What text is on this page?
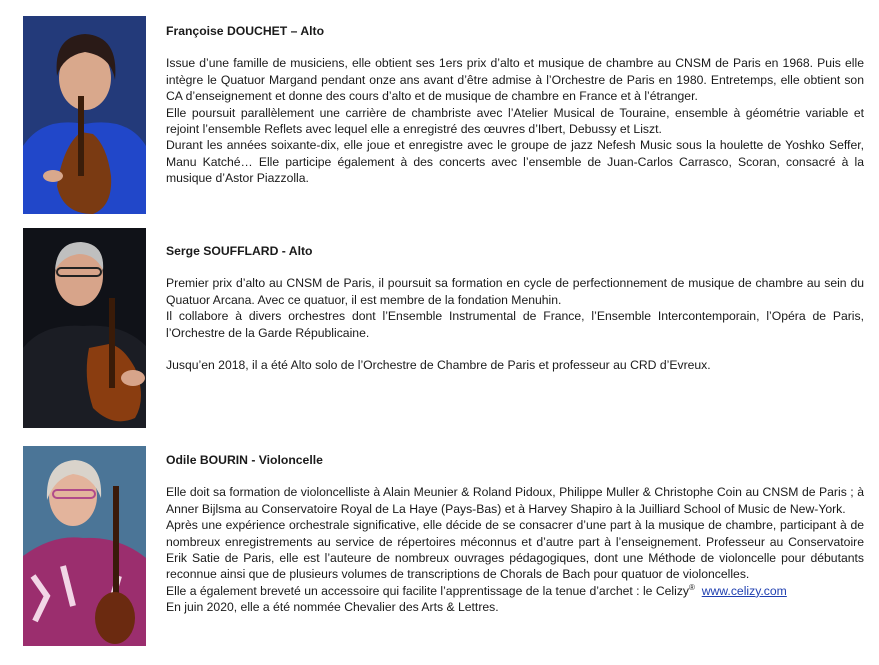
Françoise DOUCHET – Alto

Issue d’une famille de musiciens, elle obtient ses 1ers prix d’alto et musique de chambre au CNSM de Paris en 1968. Puis elle intègre le Quatuor Margand pendant onze ans avant d’être admise à l’Orchestre de Paris en 1980. Entretemps, elle obtient son CA d’enseignement et donne des cours d’alto et de musique de chambre en France et à l’étranger.

Elle poursuit parallèlement une carrière de chambriste avec l’Atelier Musical de Touraine, ensemble à géométrie variable et rejoint l’ensemble Reflets avec lequel elle a enregistré des œuvres d’Ibert, Debussy et Liszt.

Durant les années soixante-dix, elle joue et enregistre avec le groupe de jazz Nefesh Music sous la houlette de Yoshko Seffer, Manu Katché… Elle participe également à des concerts avec l’ensemble de Juan-Carlos Carrasco, Scoran, consacré à la musique d’Astor Piazzolla.

Serge SOUFFLARD - Alto

Premier prix d’alto au CNSM de Paris, il poursuit sa formation en cycle de perfectionnement de musique de chambre au sein du Quatuor Arcana. Avec ce quatuor, il est membre de la fondation Menuhin.

Il collabore à divers orchestres dont l’Ensemble Instrumental de France, l’Ensemble Intercontemporain, l’Opéra de Paris, l’Orchestre de la Garde Républicaine.

Jusqu’en 2018, il a été Alto solo de l’Orchestre de Chambre de Paris et professeur au CRD d’Evreux.

Odile BOURIN - Violoncelle

Elle doit sa formation de violoncelliste à Alain Meunier & Roland Pidoux, Philippe Muller & Christophe Coin au CNSM de Paris ; à Anner Bijlsma au Conservatoire Royal de La Haye (Pays-Bas) et à Harvey Shapiro à la Juilliard School of Music de New-York.

Après une expérience orchestrale significative, elle décide de se consacrer d’une part à la musique de chambre, participant à de nombreux enregistrements au service de répertoires méconnus et d’autre part à l’enseignement. Professeur au Conservatoire Erik Satie de Paris, elle est l’auteure de nombreux ouvrages pédagogiques, dont une Méthode de violoncelle pour débutants reconnue ainsi que de plusieurs volumes de transcriptions de Chorals de Bach pour quatuor de violoncelles.

Elle a également breveté un accessoire qui facilite l’apprentissage de la tenue d’archet : le Celizy® www.celizy.com

En juin 2020, elle a été nommée Chevalier des Arts & Lettres.
